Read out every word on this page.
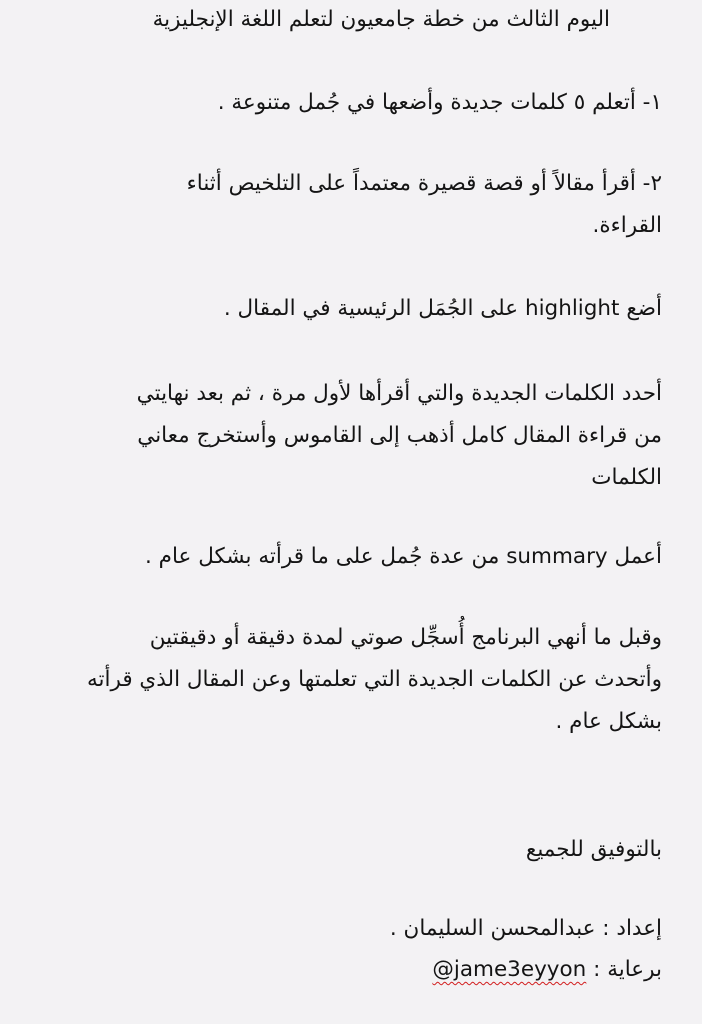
اليوم الثالث من خطة جامعيون لتعلم اللغة الإنجليزية

١- أتعلم ٥ كلمات جديدة وأضعها في جُمل متنوعة .

٢- أقرأ مقالاً أو قصة قصيرة معتمداً على التلخيص أثناء

القراءة.

أضع highlight على الجُمَل الرئيسية في المقال .

أحدد الكلمات الجديدة والتي أقرأها لأول مرة ، ثم بعد نهايتي

من قراءة المقال كامل أذهب إلى القاموس وأستخرج معاني

الكلمات

أعمل summary من عدة جُمل على ما قرأته بشكل عام .

وقبل ما أنهي البرنامج أُسجِّل صوتي لمدة دقيقة أو دقيقتين

وأتحدث عن الكلمات الجديدة التي تعلمتها وعن المقال الذي قرأته

بشكل عام .

بالتوفيق للجميع

إعداد : عبدالمحسن السليمان .

برعاية : @jame3eyyon
